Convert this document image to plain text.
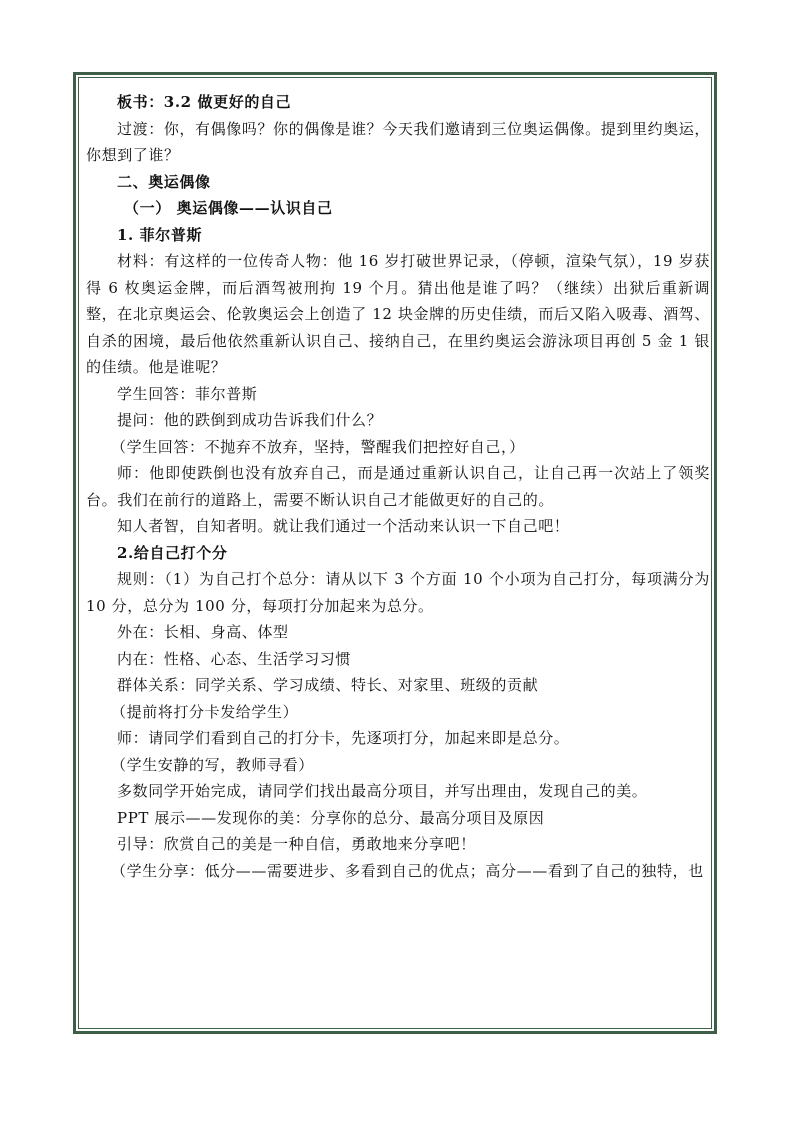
板书：3.2 做更好的自己

过渡：你，有偶像吗？你的偶像是谁？今天我们邀请到三位奥运偶像。提到里约奥运，你想到了谁？

二、奥运偶像

（一） 奥运偶像——认识自己

1. 菲尔普斯

材料：有这样的一位传奇人物：他 16 岁打破世界记录，（停顿，渲染气氛），19 岁获得 6 枚奥运金牌，而后酒驾被刑拘 19 个月。猜出他是谁了吗？（继续）出狱后重新调整，在北京奥运会、伦敦奥运会上创造了 12 块金牌的历史佳绩，而后又陷入吸毒、酒驾、自杀的困境，最后他依然重新认识自己、接纳自己，在里约奥运会游泳项目再创 5 金 1 银的佳绩。他是谁呢？

学生回答：菲尔普斯

提问：他的跌倒到成功告诉我们什么？

（学生回答：不抛弃不放弃，坚持，警醒我们把控好自己，）

师：他即使跌倒也没有放弃自己，而是通过重新认识自己，让自己再一次站上了领奖台。我们在前行的道路上，需要不断认识自己才能做更好的自己的。

知人者智，自知者明。就让我们通过一个活动来认识一下自己吧！

2.给自己打个分

规则：（1）为自己打个总分：请从以下 3 个方面 10 个小项为自己打分，每项满分为 10 分，总分为 100 分，每项打分加起来为总分。

外在：长相、身高、体型

内在：性格、心态、生活学习习惯

群体关系：同学关系、学习成绩、特长、对家里、班级的贡献

（提前将打分卡发给学生）

师：请同学们看到自己的打分卡，先逐项打分，加起来即是总分。

（学生安静的写，教师寻看）

多数同学开始完成，请同学们找出最高分项目，并写出理由，发现自己的美。

PPT 展示——发现你的美：分享你的总分、最高分项目及原因

引导：欣赏自己的美是一种自信，勇敢地来分享吧！

（学生分享：低分——需要进步、多看到自己的优点；高分——看到了自己的独特，也
